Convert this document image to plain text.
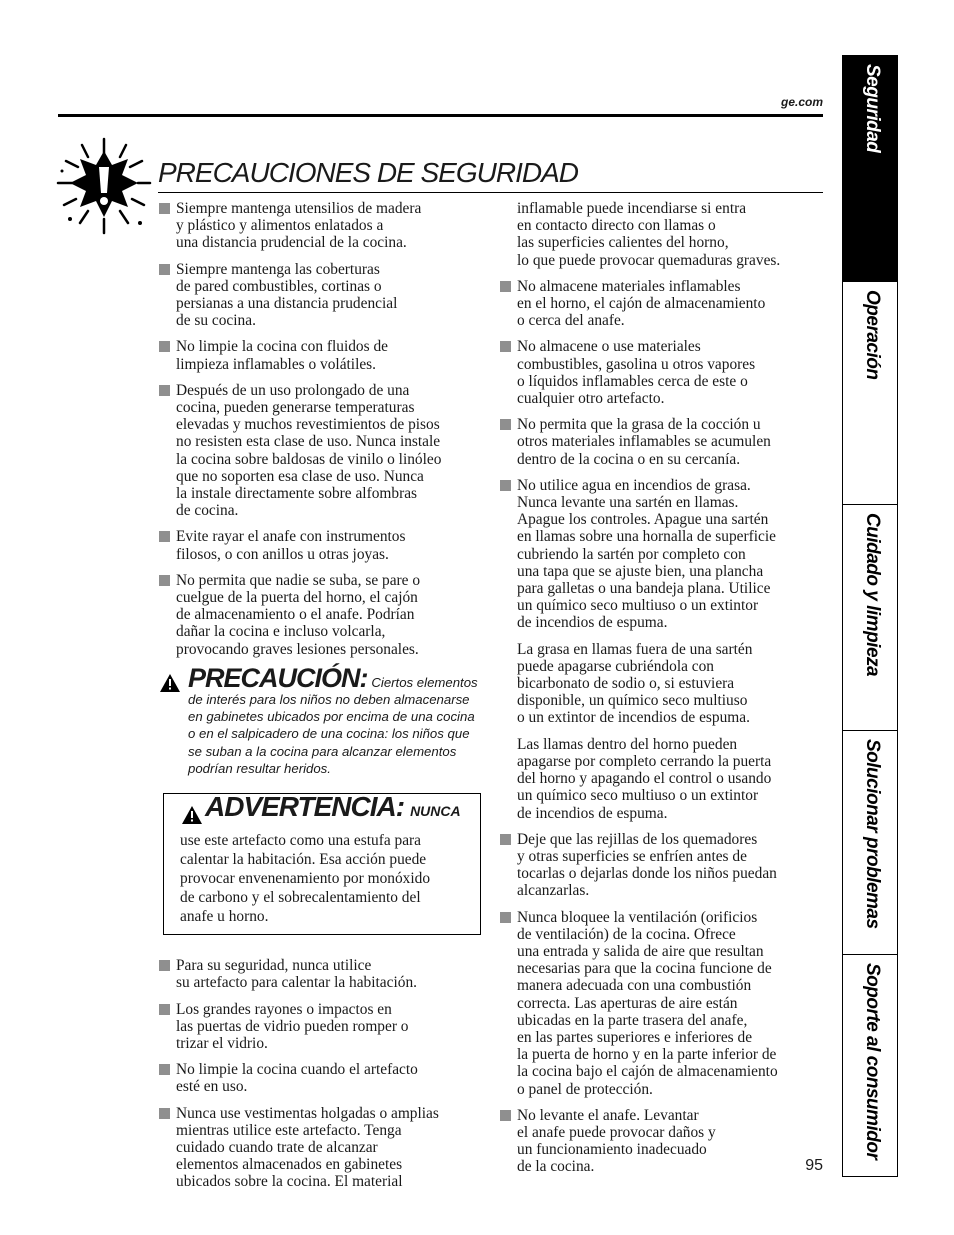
ge.com
PRECAUCIONES DE SEGURIDAD
Siempre mantenga utensilios de madera
y plástico y alimentos enlatados a
una distancia prudencial de la cocina.
Siempre mantenga las coberturas
de pared combustibles, cortinas o
persianas a una distancia prudencial
de su cocina.
No limpie la cocina con fluidos de
limpieza inflamables o volátiles.
Después de un uso prolongado de una
cocina, pueden generarse temperaturas
elevadas y muchos revestimientos de pisos
no resisten esta clase de uso. Nunca instale
la cocina sobre baldosas de vinilo o linóleo
que no soporten esa clase de uso. Nunca
la instale directamente sobre alfombras
de cocina.
Evite rayar el anafe con instrumentos
filosos, o con anillos u otras joyas.
No permita que nadie se suba, se pare o
cuelgue de la puerta del horno, el cajón
de almacenamiento o el anafe. Podrían
dañar la cocina e incluso volcarla,
provocando graves lesiones personales.
PRECAUCIÓN: Ciertos elementos
de interés para los niños no deben almacenarse
en gabinetes ubicados por encima de una cocina
o en el salpicadero de una cocina: los niños que
se suban a la cocina para alcanzar elementos
podrían resultar heridos.
ADVERTENCIA: NUNCA
use este artefacto como una estufa para
calentar la habitación. Esa acción puede
provocar envenenamiento por monóxido
de carbono y el sobrecalentamiento del
anafe u horno.
Para su seguridad, nunca utilice
su artefacto para calentar la habitación.
Los grandes rayones o impactos en
las puertas de vidrio pueden romper o
trizar el vidrio.
No limpie la cocina cuando el artefacto
esté en uso.
Nunca use vestimentas holgadas o amplias
mientras utilice este artefacto. Tenga
cuidado cuando trate de alcanzar
elementos almacenados en gabinetes
ubicados sobre la cocina. El material
inflamable puede incendiarse si entra
en contacto directo con llamas o
las superficies calientes del horno,
lo que puede provocar quemaduras graves.
No almacene materiales inflamables
en el horno, el cajón de almacenamiento
o cerca del anafe.
No almacene o use materiales
combustibles, gasolina u otros vapores
o líquidos inflamables cerca de este o
cualquier otro artefacto.
No permita que la grasa de la cocción u
otros materiales inflamables se acumulen
dentro de la cocina o en su cercanía.
No utilice agua en incendios de grasa.
Nunca levante una sartén en llamas.
Apague los controles. Apague una sartén
en llamas sobre una hornalla de superficie
cubriendo la sartén por completo con
una tapa que se ajuste bien, una plancha
para galletas o una bandeja plana. Utilice
un químico seco multiuso o un extintor
de incendios de espuma.
La grasa en llamas fuera de una sartén
puede apagarse cubriéndola con
bicarbonato de sodio o, si estuviera
disponible, un químico seco multiuso
o un extintor de incendios de espuma.
Las llamas dentro del horno pueden
apagarse por completo cerrando la puerta
del horno y apagando el control o usando
un químico seco multiuso o un extintor
de incendios de espuma.
Deje que las rejillas de los quemadores
y otras superficies se enfríen antes de
tocarlas o dejarlas donde los niños puedan
alcanzarlas.
Nunca bloquee la ventilación (orificios
de ventilación) de la cocina. Ofrece
una entrada y salida de aire que resultan
necesarias para que la cocina funcione de
manera adecuada con una combustión
correcta. Las aperturas de aire están
ubicadas en la parte trasera del anafe,
en las partes superiores e inferiores de
la puerta de horno y en la parte inferior de
la cocina bajo el cajón de almacenamiento
o panel de protección.
No levante el anafe. Levantar
el anafe puede provocar daños y
un funcionamiento inadecuado
de la cocina.	95
Seguridad
Operación
Cuidado y limpieza
Solucionar problemas
Soporte al consumidor
